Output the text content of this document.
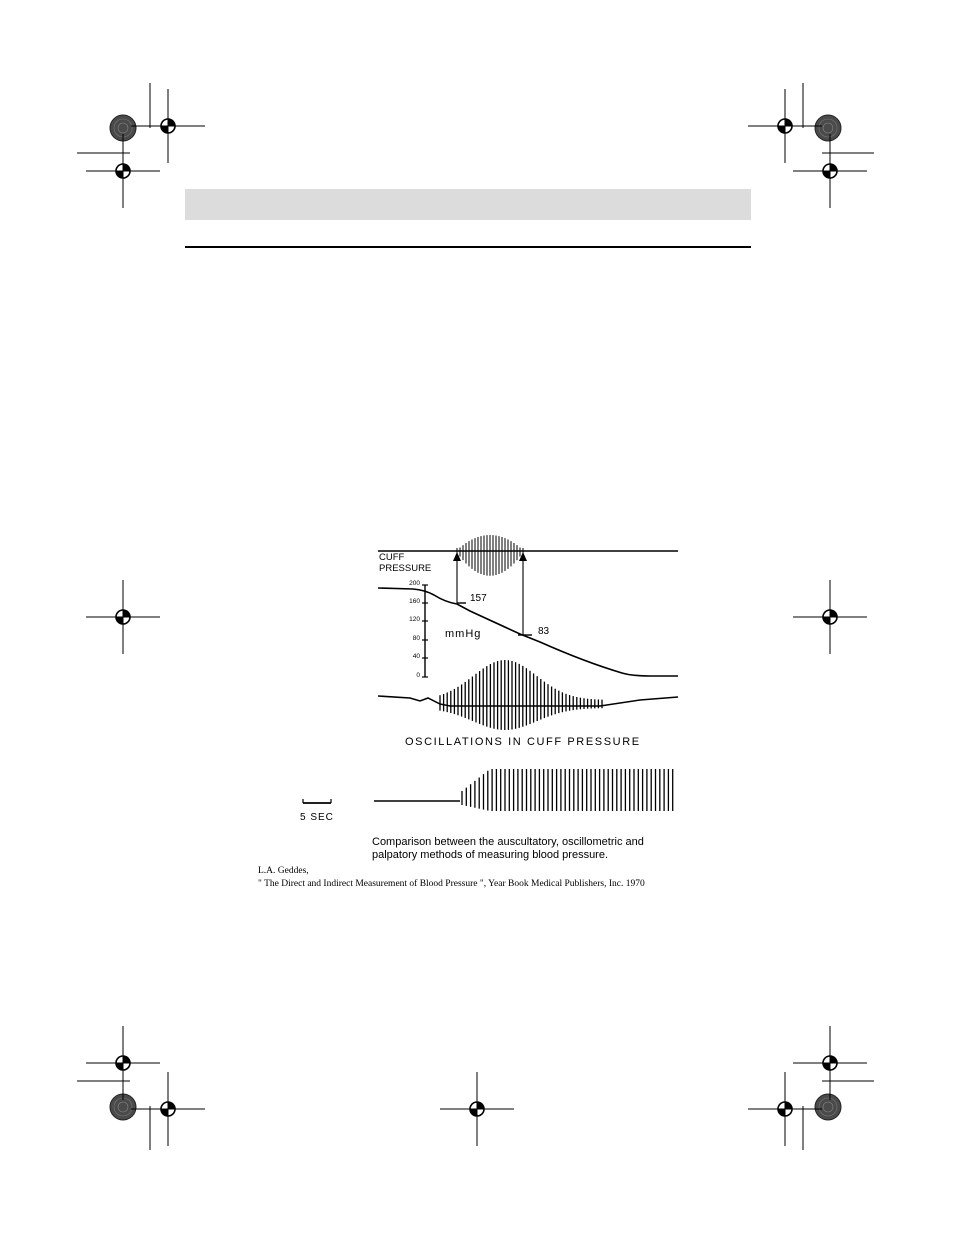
CUFF
PRESSURE
157
83
mmHg
200
160
120
80
40
0
OSCILLATIONS IN CUFF PRESSURE
5 SEC
Comparison between the auscultatory, oscillometric and
palpatory methods of measuring blood pressure.
L.A. Geddes,
" The Direct and Indirect Measurement of Blood Pressure ", Year Book Medical Publishers, Inc. 1970
